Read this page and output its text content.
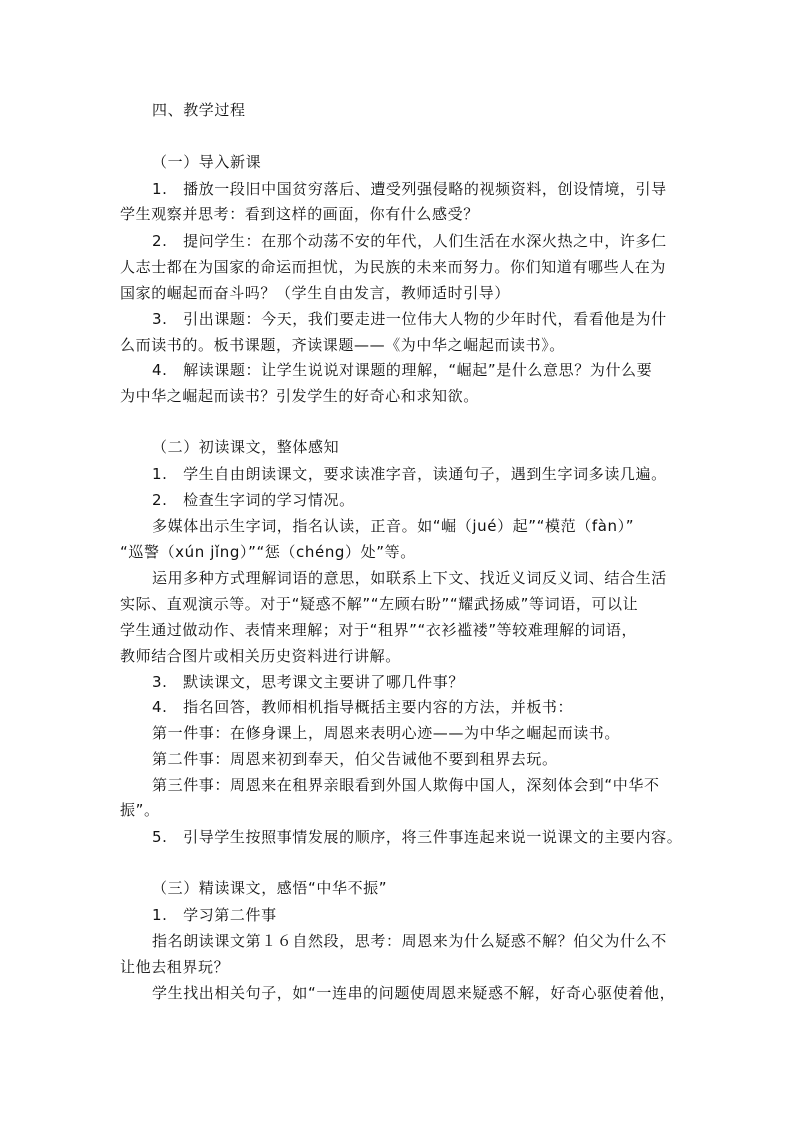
四、教学过程
（一）导入新课
1.　播放一段旧中国贫穷落后、遭受列强侵略的视频资料，创设情境，引导
学生观察并思考：看到这样的画面，你有什么感受？
2.　提问学生：在那个动荡不安的年代，人们生活在水深火热之中，许多仁
人志士都在为国家的命运而担忧，为民族的未来而努力。你们知道有哪些人在为
国家的崛起而奋斗吗？（学生自由发言，教师适时引导）
3.　引出课题：今天，我们要走进一位伟大人物的少年时代，看看他是为什
么而读书的。板书课题，齐读课题——《为中华之崛起而读书》。
4.　解读课题：让学生说说对课题的理解，“崛起”是什么意思？为什么要
为中华之崛起而读书？引发学生的好奇心和求知欲。
（二）初读课文，整体感知
1.　学生自由朗读课文，要求读准字音，读通句子，遇到生字词多读几遍。
2.　检查生字词的学习情况。
多媒体出示生字词，指名认读，正音。如“崛（jué）起”“模范（fàn）”
“巡警（xún jǐng）”“惩（chéng）处”等。
运用多种方式理解词语的意思，如联系上下文、找近义词反义词、结合生活
实际、直观演示等。对于“疑惑不解”“左顾右盼”“耀武扬威”等词语，可以让
学生通过做动作、表情来理解；对于“租界”“衣衫褴褛”等较难理解的词语，
教师结合图片或相关历史资料进行讲解。
3.　默读课文，思考课文主要讲了哪几件事？
4.　指名回答，教师相机指导概括主要内容的方法，并板书：
第一件事：在修身课上，周恩来表明心迹——为中华之崛起而读书。
第二件事：周恩来初到奉天，伯父告诫他不要到租界去玩。
第三件事：周恩来在租界亲眼看到外国人欺侮中国人，深刻体会到“中华不
振”。
5.　引导学生按照事情发展的顺序，将三件事连起来说一说课文的主要内容。
（三）精读课文，感悟“中华不振”
1.　学习第二件事
指名朗读课文第１６自然段，思考：周恩来为什么疑惑不解？伯父为什么不
让他去租界玩？
学生找出相关句子，如“一连串的问题使周恩来疑惑不解，好奇心驱使着他，
